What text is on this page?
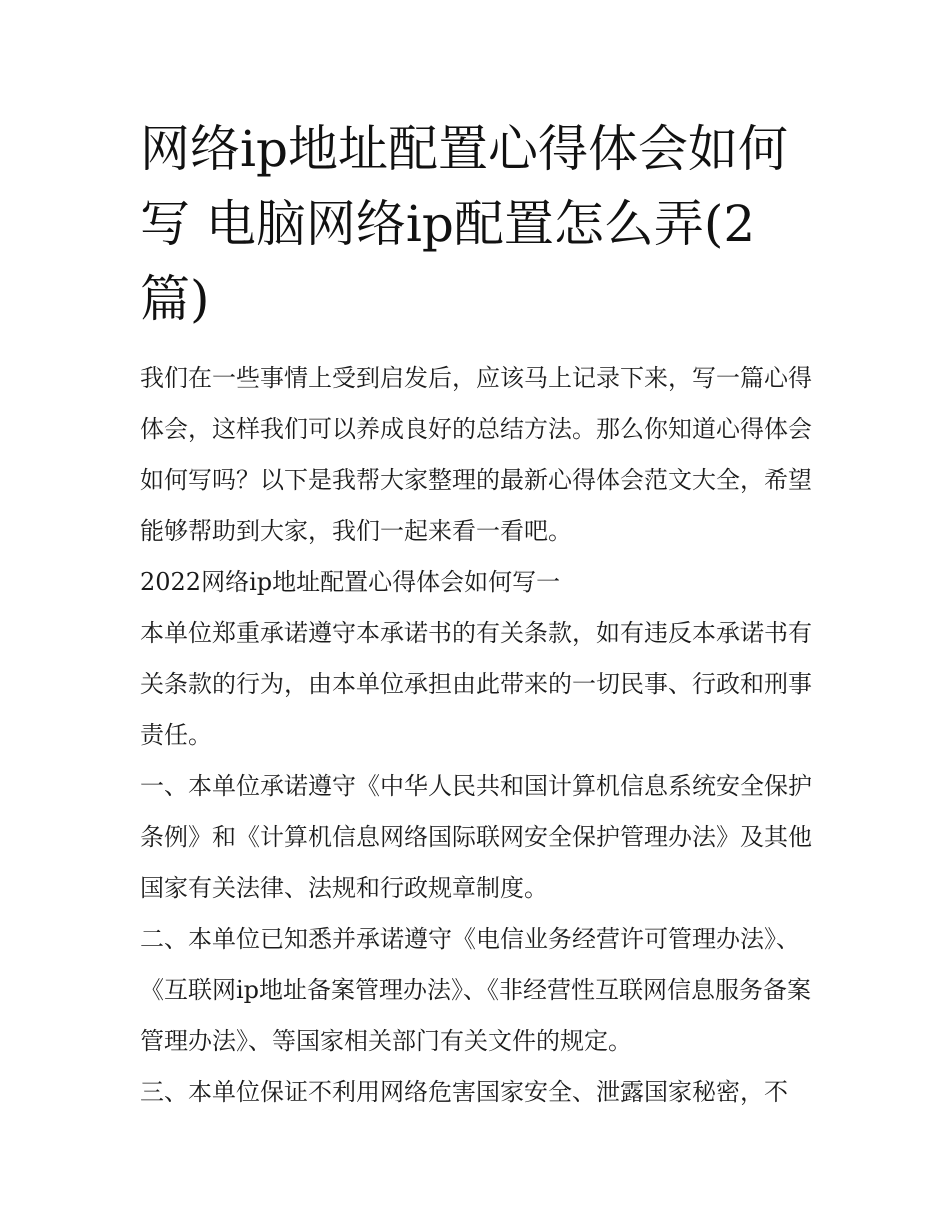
网络ip地址配置心得体会如何写 电脑网络ip配置怎么弄(2篇)

我们在一些事情上受到启发后，应该马上记录下来，写一篇心得体会，这样我们可以养成良好的总结方法。那么你知道心得体会如何写吗？以下是我帮大家整理的最新心得体会范文大全，希望能够帮助到大家，我们一起来看一看吧。

2022网络ip地址配置心得体会如何写一

本单位郑重承诺遵守本承诺书的有关条款，如有违反本承诺书有关条款的行为，由本单位承担由此带来的一切民事、行政和刑事责任。

一、本单位承诺遵守《中华人民共和国计算机信息系统安全保护条例》和《计算机信息网络国际联网安全保护管理办法》及其他国家有关法律、法规和行政规章制度。

二、本单位已知悉并承诺遵守《电信业务经营许可管理办法》、《互联网ip地址备案管理办法》、《非经营性互联网信息服务备案管理办法》、等国家相关部门有关文件的规定。

三、本单位保证不利用网络危害国家安全、泄露国家秘密，不
